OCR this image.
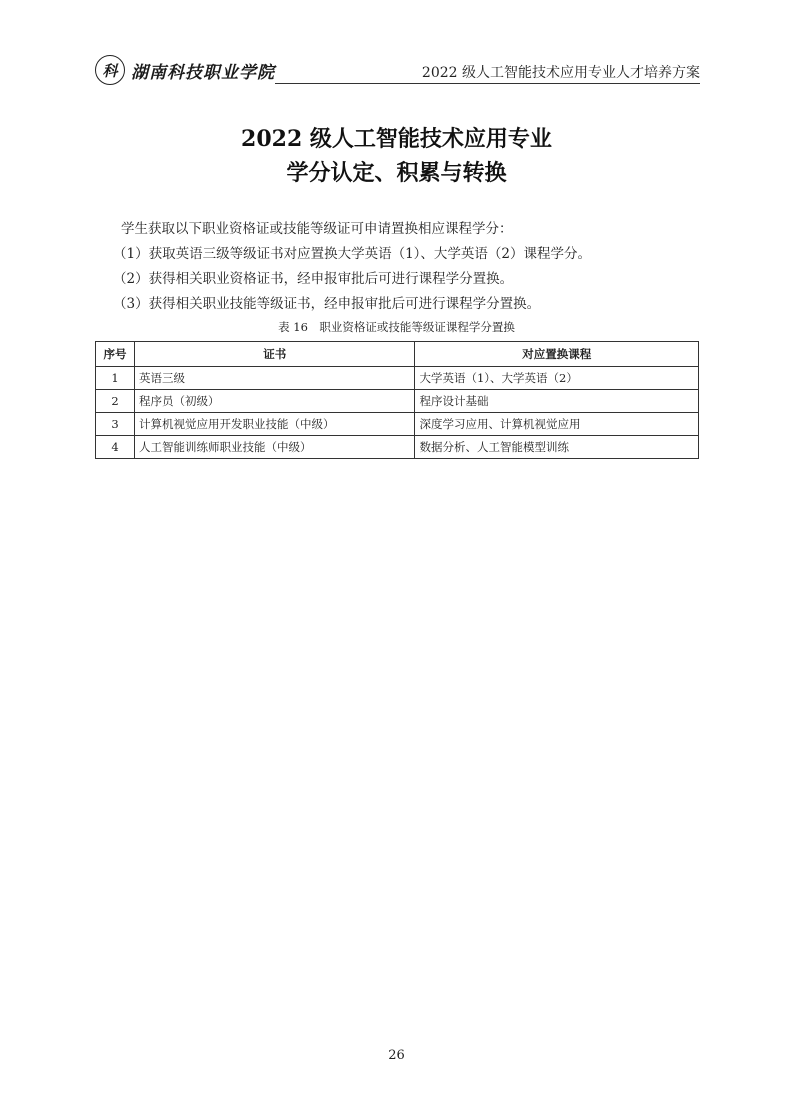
科 湖南科技职业学院	2022 级人工智能技术应用专业人才培养方案
2022 级人工智能技术应用专业
学分认定、积累与转换
学生获取以下职业资格证或技能等级证可申请置换相应课程学分：
（1）获取英语三级等级证书对应置换大学英语（1）、大学英语（2）课程学分。
（2）获得相关职业资格证书，经申报审批后可进行课程学分置换。
（3）获得相关职业技能等级证书，经申报审批后可进行课程学分置换。
表 16　职业资格证或技能等级证课程学分置换
序号	证书	对应置换课程
1	英语三级	大学英语（1）、大学英语（2）
2	程序员（初级）	程序设计基础
3	计算机视觉应用开发职业技能（中级）	深度学习应用、计算机视觉应用
4	人工智能训练师职业技能（中级）	数据分析、人工智能模型训练
26
